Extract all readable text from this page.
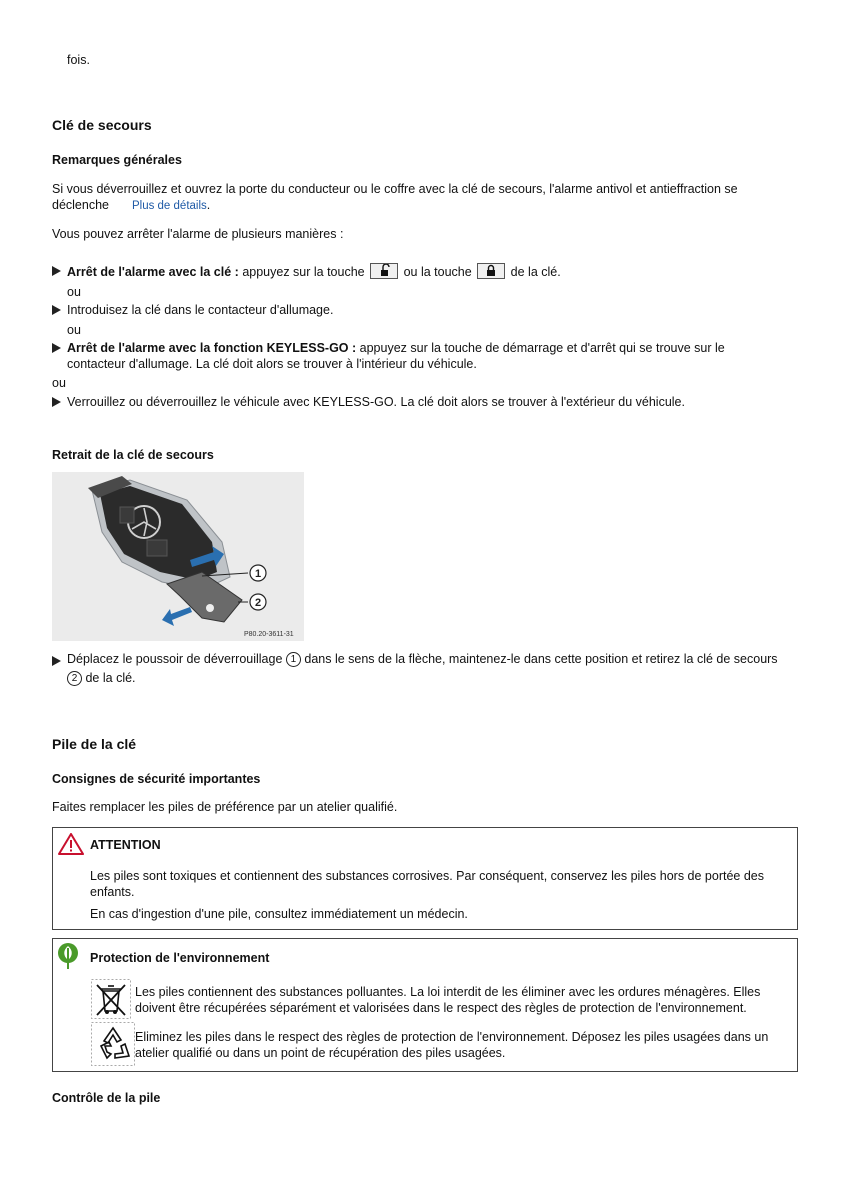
fois.
Clé de secours
Remarques générales
Si vous déverrouillez et ouvrez la porte du conducteur ou le coffre avec la clé de secours, l'alarme antivol et antieffraction se
déclenche Plus de détails.
Vous pouvez arrêter l'alarme de plusieurs manières :
Arrêt de l'alarme avec la clé : appuyez sur la touche	ou la touche	de la clé.
ou
Introduisez la clé dans le contacteur d'allumage.
ou
Arrêt de l'alarme avec la fonction KEYLESS-GO : appuyez sur la touche de démarrage et d'arrêt qui se trouve sur le
contacteur d'allumage. La clé doit alors se trouver à l'intérieur du véhicule.
ou
Verrouillez ou déverrouillez le véhicule avec KEYLESS-GO. La clé doit alors se trouver à l'extérieur du véhicule.
Retrait de la clé de secours
1
2
P80.20-3611-31
Déplacez le poussoir de déverrouillage 1 dans le sens de la flèche, maintenez-le dans cette position et retirez la clé de secours
2 de la clé.
Pile de la clé
Consignes de sécurité importantes
Faites remplacer les piles de préférence par un atelier qualifié.
ATTENTION
Les piles sont toxiques et contiennent des substances corrosives. Par conséquent, conservez les piles hors de portée des enfants.
En cas d'ingestion d'une pile, consultez immédiatement un médecin.
Protection de l'environnement
Les piles contiennent des substances polluantes. La loi interdit de les éliminer avec les ordures ménagères. Elles doivent être récupérées séparément et valorisées dans le respect des règles de protection de l'environnement.
Eliminez les piles dans le respect des règles de protection de l'environnement. Déposez les piles usagées dans un atelier qualifié ou dans un point de récupération des piles usagées.
Contrôle de la pile
